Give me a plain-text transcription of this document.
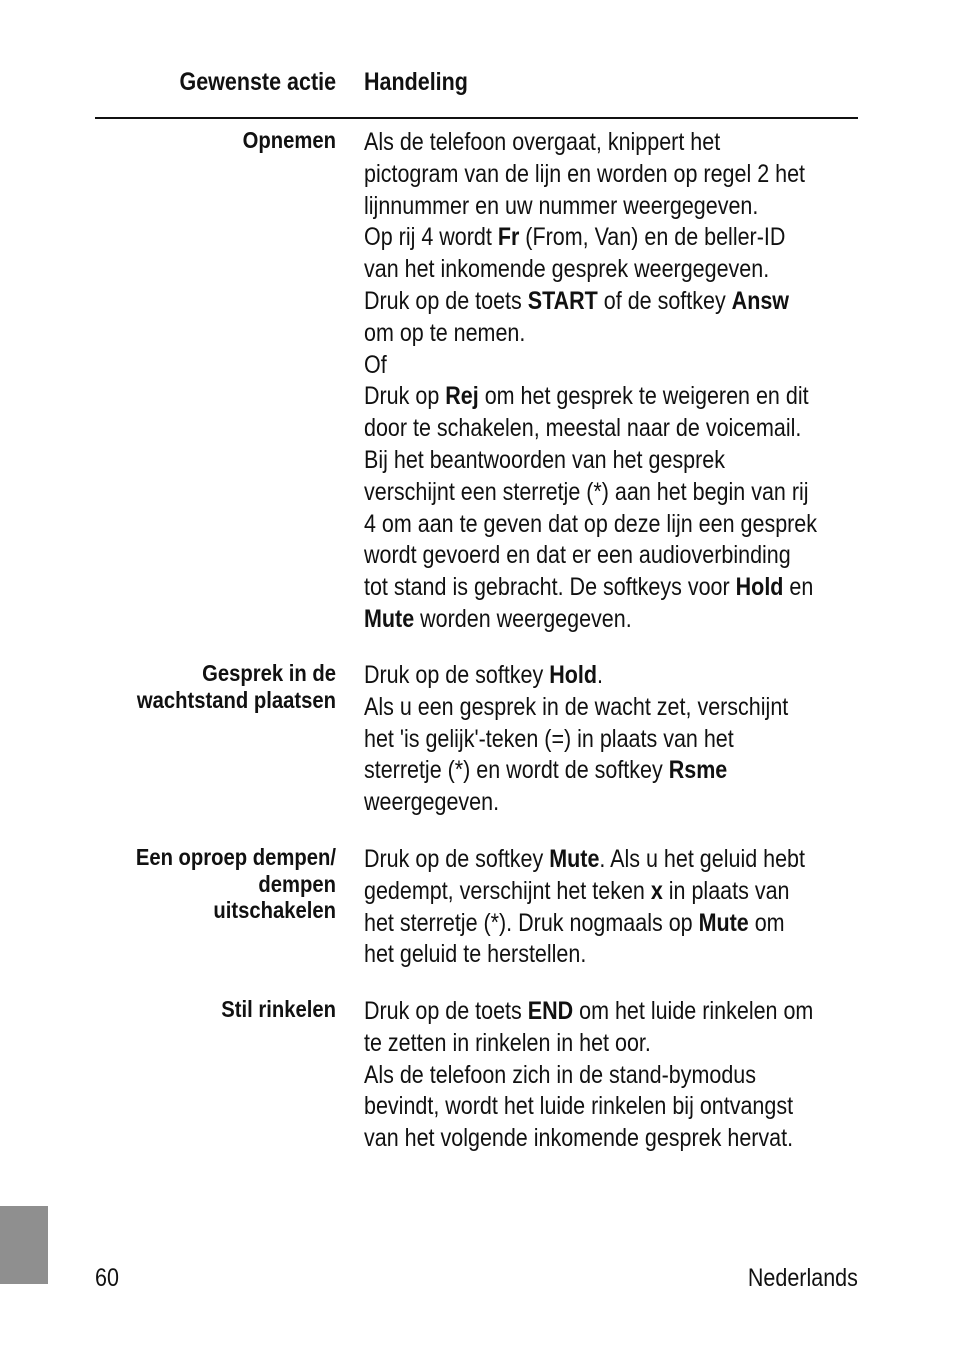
Gewenste actie Handeling
Opnemen Als de telefoon overgaat, knippert het
pictogram van de lijn en worden op regel 2 het
lijnnummer en uw nummer weergegeven.
Op rij 4 wordt Fr (From, Van) en de beller-ID
van het inkomende gesprek weergegeven.
Druk op de toets START of de softkey Answ
om op te nemen.
Of
Druk op Rej om het gesprek te weigeren en dit
door te schakelen, meestal naar de voicemail.
Bij het beantwoorden van het gesprek
verschijnt een sterretje (*) aan het begin van rij
4 om aan te geven dat op deze lijn een gesprek
wordt gevoerd en dat er een audioverbinding
tot stand is gebracht. De softkeys voor Hold en
Mute worden weergegeven.
Gesprek in de
wachtstand plaatsen
Druk op de softkey Hold.
Als u een gesprek in de wacht zet, verschijnt
het 'is gelijk'-teken (=) in plaats van het
sterretje (*) en wordt de softkey Rsme
weergegeven.
Een oproep dempen/
dempen
uitschakelen
Druk op de softkey Mute. Als u het geluid hebt
gedempt, verschijnt het teken x in plaats van
het sterretje (*). Druk nogmaals op Mute om
het geluid te herstellen.
Stil rinkelen Druk op de toets END om het luide rinkelen om
te zetten in rinkelen in het oor.
Als de telefoon zich in de stand-bymodus
bevindt, wordt het luide rinkelen bij ontvangst
van het volgende inkomende gesprek hervat.
60	Nederlands
